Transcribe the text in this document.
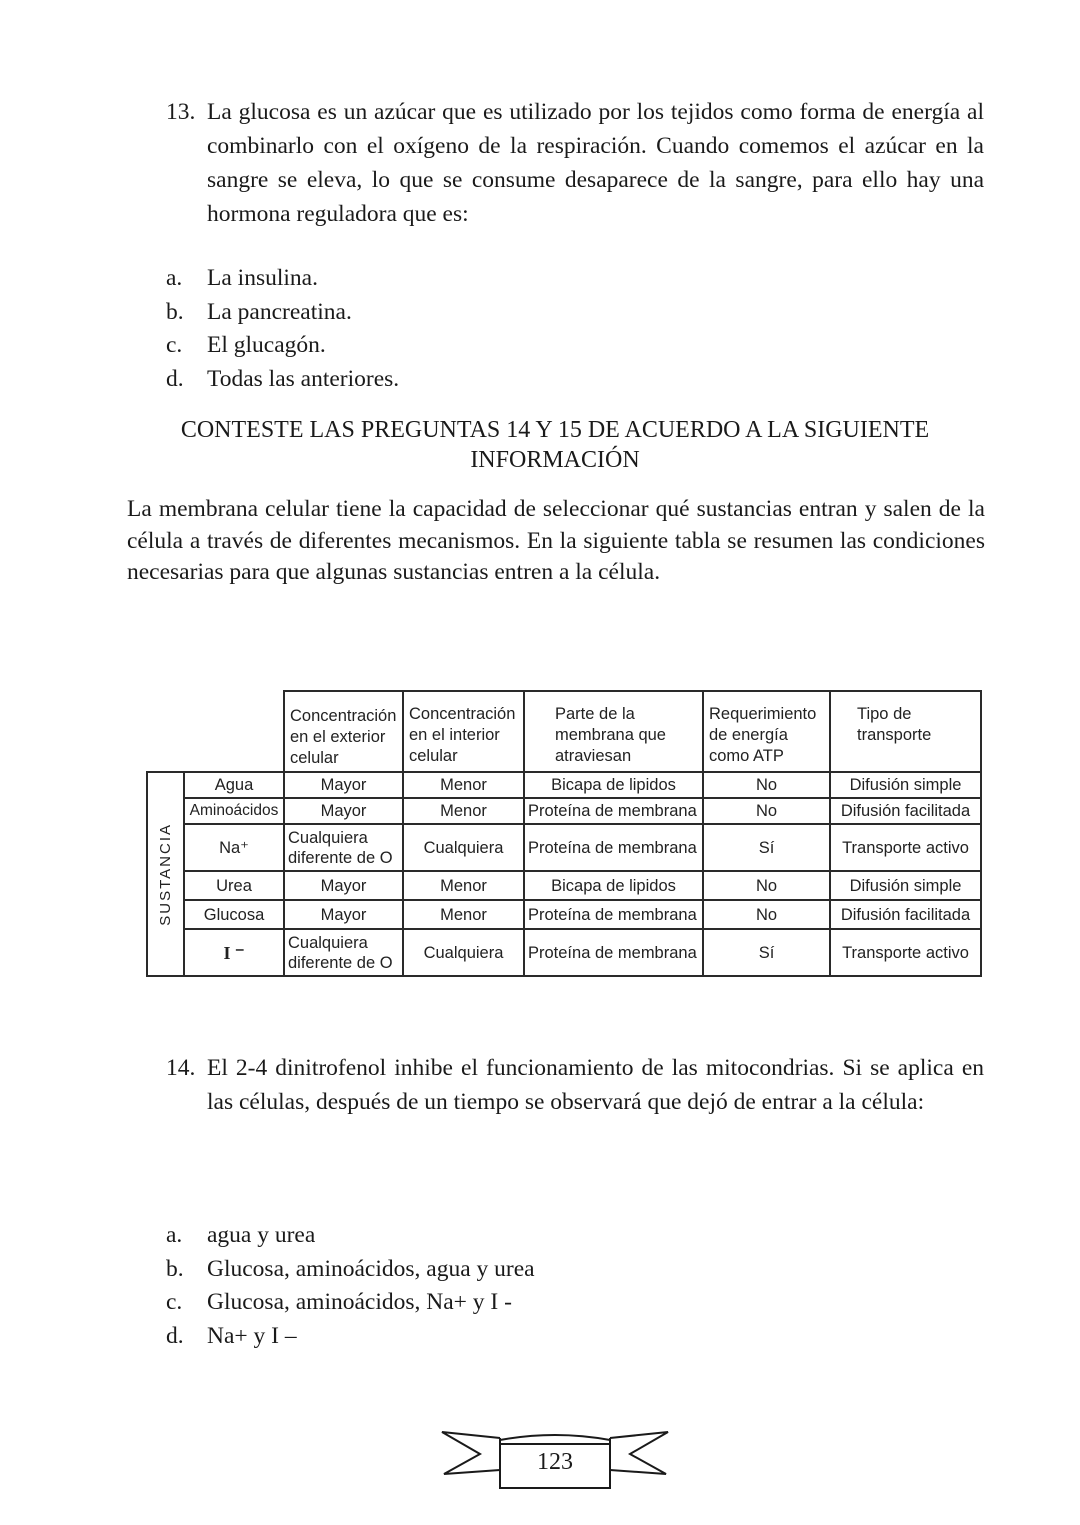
13. La glucosa es un azúcar que es utilizado por los tejidos como forma de energía al combinarlo con el oxígeno de la respiración. Cuando comemos el azúcar en la sangre se eleva, lo que se consume desaparece de la sangre, para ello hay una hormona reguladora que es:
a.	La insulina.
b. La pancreatina.
c.	El glucagón.
d. Todas las anteriores.
CONTESTE LAS PREGUNTAS 14 Y 15 DE ACUERDO A LA SIGUIENTE
INFORMACIÓN
La membrana celular tiene la capacidad de seleccionar qué sustancias entran y salen de la célula a través de diferentes mecanismos. En la siguiente tabla se resumen las condiciones necesarias para que algunas sustancias entren a la célula.
		Concentración en el exterior celular	Concentración en el interior celular	Parte de la membrana que atraviesan	Requerimiento de energía como ATP	Tipo de transporte

SUSTANCIA	Agua	Mayor	Menor	Bicapa de lipidos	No	Difusión simple
	Aminoácidos	Mayor	Menor	Proteína de membrana	No	Difusión facilitada
	Na⁺	Cualquiera diferente de O	Cualquiera	Proteína de membrana	Sí	Transporte activo
	Urea	Mayor	Menor	Bicapa de lipidos	No	Difusión simple
	Glucosa	Mayor	Menor	Proteína de membrana	No	Difusión facilitada
	I ⁻	Cualquiera diferente de O	Cualquiera	Proteína de membrana	Sí	Transporte activo
14. El 2-4 dinitrofenol inhibe el funcionamiento de las mitocondrias. Si se aplica en las células, después de un tiempo se observará que dejó de entrar a la célula:
a.	agua y urea
b. Glucosa, aminoácidos, agua y urea
c.	Glucosa, aminoácidos, Na+ y I -
d. Na+ y I –
123
